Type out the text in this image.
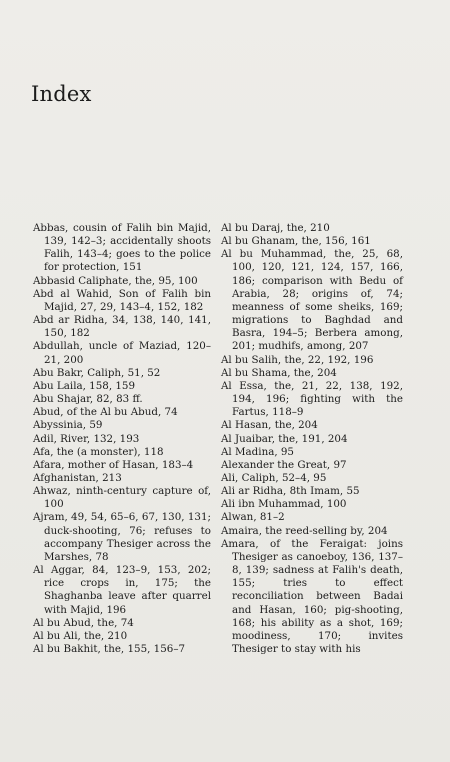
Index

Abbas, cousin of Falih bin Majid, 139, 142–3; accidentally shoots Falih, 143–4; goes to the police for protection, 151

Abbasid Caliphate, the, 95, 100

Abd al Wahid, Son of Falih bin Majid, 27, 29, 143–4, 152, 182

Abd ar Ridha, 34, 138, 140, 141, 150, 182

Abdullah, uncle of Maziad, 120–21, 200

Abu Bakr, Caliph, 51, 52

Abu Laila, 158, 159

Abu Shajar, 82, 83 ff.

Abud, of the Al bu Abud, 74

Abyssinia, 59

Adil, River, 132, 193

Afa, the (a monster), 118

Afara, mother of Hasan, 183–4

Afghanistan, 213

Ahwaz, ninth-century capture of, 100

Ajram, 49, 54, 65–6, 67, 130, 131; duck-shooting, 76; refuses to accompany Thesiger across the Marshes, 78

Al Aggar, 84, 123–9, 153, 202; rice crops in, 175; the Shaghanba leave after quarrel with Majid, 196

Al bu Abud, the, 74

Al bu Ali, the, 210

Al bu Bakhit, the, 155, 156–7

Al bu Daraj, the, 210

Al bu Ghanam, the, 156, 161

Al bu Muhammad, the, 25, 68, 100, 120, 121, 124, 157, 166, 186; comparison with Bedu of Arabia, 28; origins of, 74; meanness of some sheiks, 169; migrations to Baghdad and Basra, 194–5; Berbera among, 201; mudhifs, among, 207

Al bu Salih, the, 22, 192, 196

Al bu Shama, the, 204

Al Essa, the, 21, 22, 138, 192, 194, 196; fighting with the Fartus, 118–9

Al Hasan, the, 204

Al Juaibar, the, 191, 204

Al Madina, 95

Alexander the Great, 97

Ali, Caliph, 52–4, 95

Ali ar Ridha, 8th Imam, 55

Ali ibn Muhammad, 100

Alwan, 81–2

Amaira, the reed-selling by, 204

Amara, of the Feraigat: joins Thesiger as canoeboy, 136, 137–8, 139; sadness at Falih's death, 155; tries to effect reconciliation between Badai and Hasan, 160; pig-shooting, 168; his ability as a shot, 169; moodiness, 170; invites Thesiger to stay with his
